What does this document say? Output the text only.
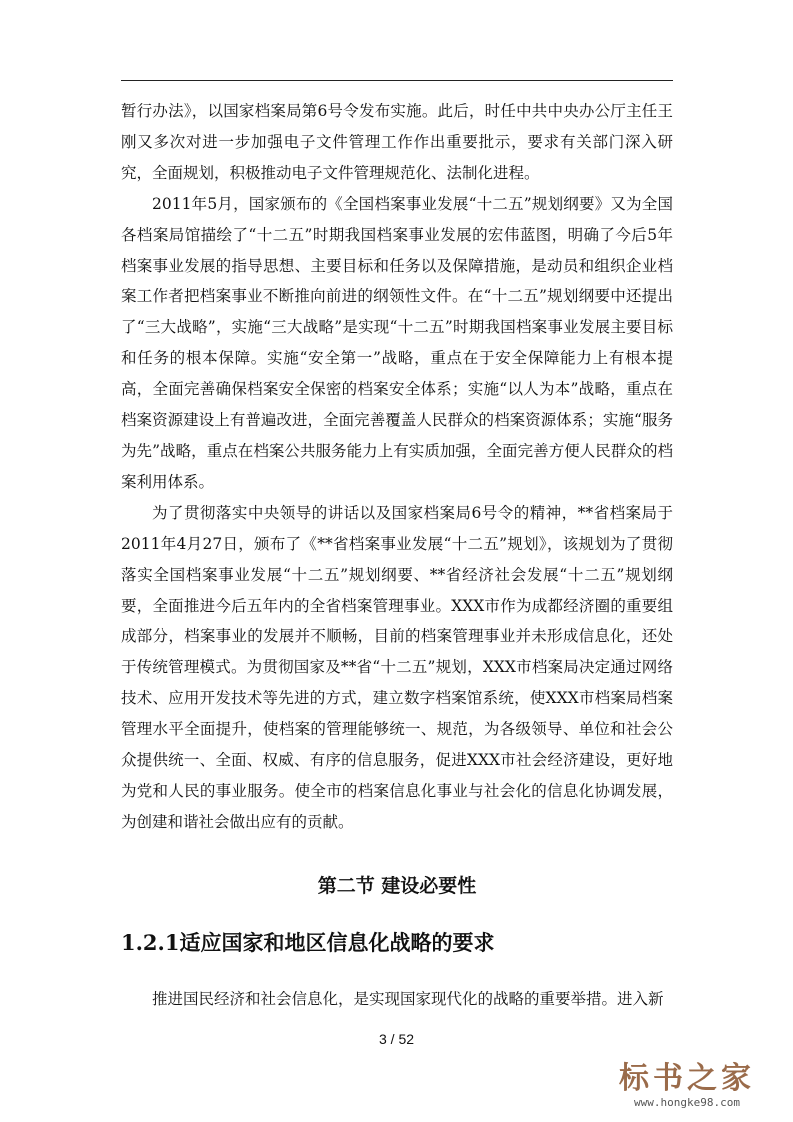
暂行办法》，以国家档案局第6号令发布实施。此后，时任中共中央办公厅主任王刚又多次对进一步加强电子文件管理工作作出重要批示，要求有关部门深入研究，全面规划，积极推动电子文件管理规范化、法制化进程。

2011年5月，国家颁布的《全国档案事业发展“十二五”规划纲要》又为全国各档案局馆描绘了“十二五”时期我国档案事业发展的宏伟蓝图，明确了今后5年档案事业发展的指导思想、主要目标和任务以及保障措施，是动员和组织企业档案工作者把档案事业不断推向前进的纲领性文件。在“十二五”规划纲要中还提出了“三大战略”，实施“三大战略”是实现“十二五”时期我国档案事业发展主要目标和任务的根本保障。实施“安全第一”战略，重点在于安全保障能力上有根本提高，全面完善确保档案安全保密的档案安全体系；实施“以人为本”战略，重点在档案资源建设上有普遍改进，全面完善覆盖人民群众的档案资源体系；实施“服务为先”战略，重点在档案公共服务能力上有实质加强，全面完善方便人民群众的档案利用体系。

为了贯彻落实中央领导的讲话以及国家档案局6号令的精神，**省档案局于2011年4月27日，颁布了《**省档案事业发展“十二五”规划》，该规划为了贯彻落实全国档案事业发展“十二五”规划纲要、**省经济社会发展“十二五”规划纲要，全面推进今后五年内的全省档案管理事业。XXX市作为成都经济圈的重要组成部分，档案事业的发展并不顺畅，目前的档案管理事业并未形成信息化，还处于传统管理模式。为贯彻国家及**省“十二五”规划，XXX市档案局决定通过网络技术、应用开发技术等先进的方式，建立数字档案馆系统，使XXX市档案局档案管理水平全面提升，使档案的管理能够统一、规范，为各级领导、单位和社会公众提供统一、全面、权威、有序的信息服务，促进XXX市社会经济建设，更好地为党和人民的事业服务。使全市的档案信息化事业与社会化的信息化协调发展，为创建和谐社会做出应有的贡献。

第二节 建设必要性
1.2.1适应国家和地区信息化战略的要求
推进国民经济和社会信息化，是实现国家现代化的战略的重要举措。进入新
3 / 52
标书之家
www.hongke98.com
